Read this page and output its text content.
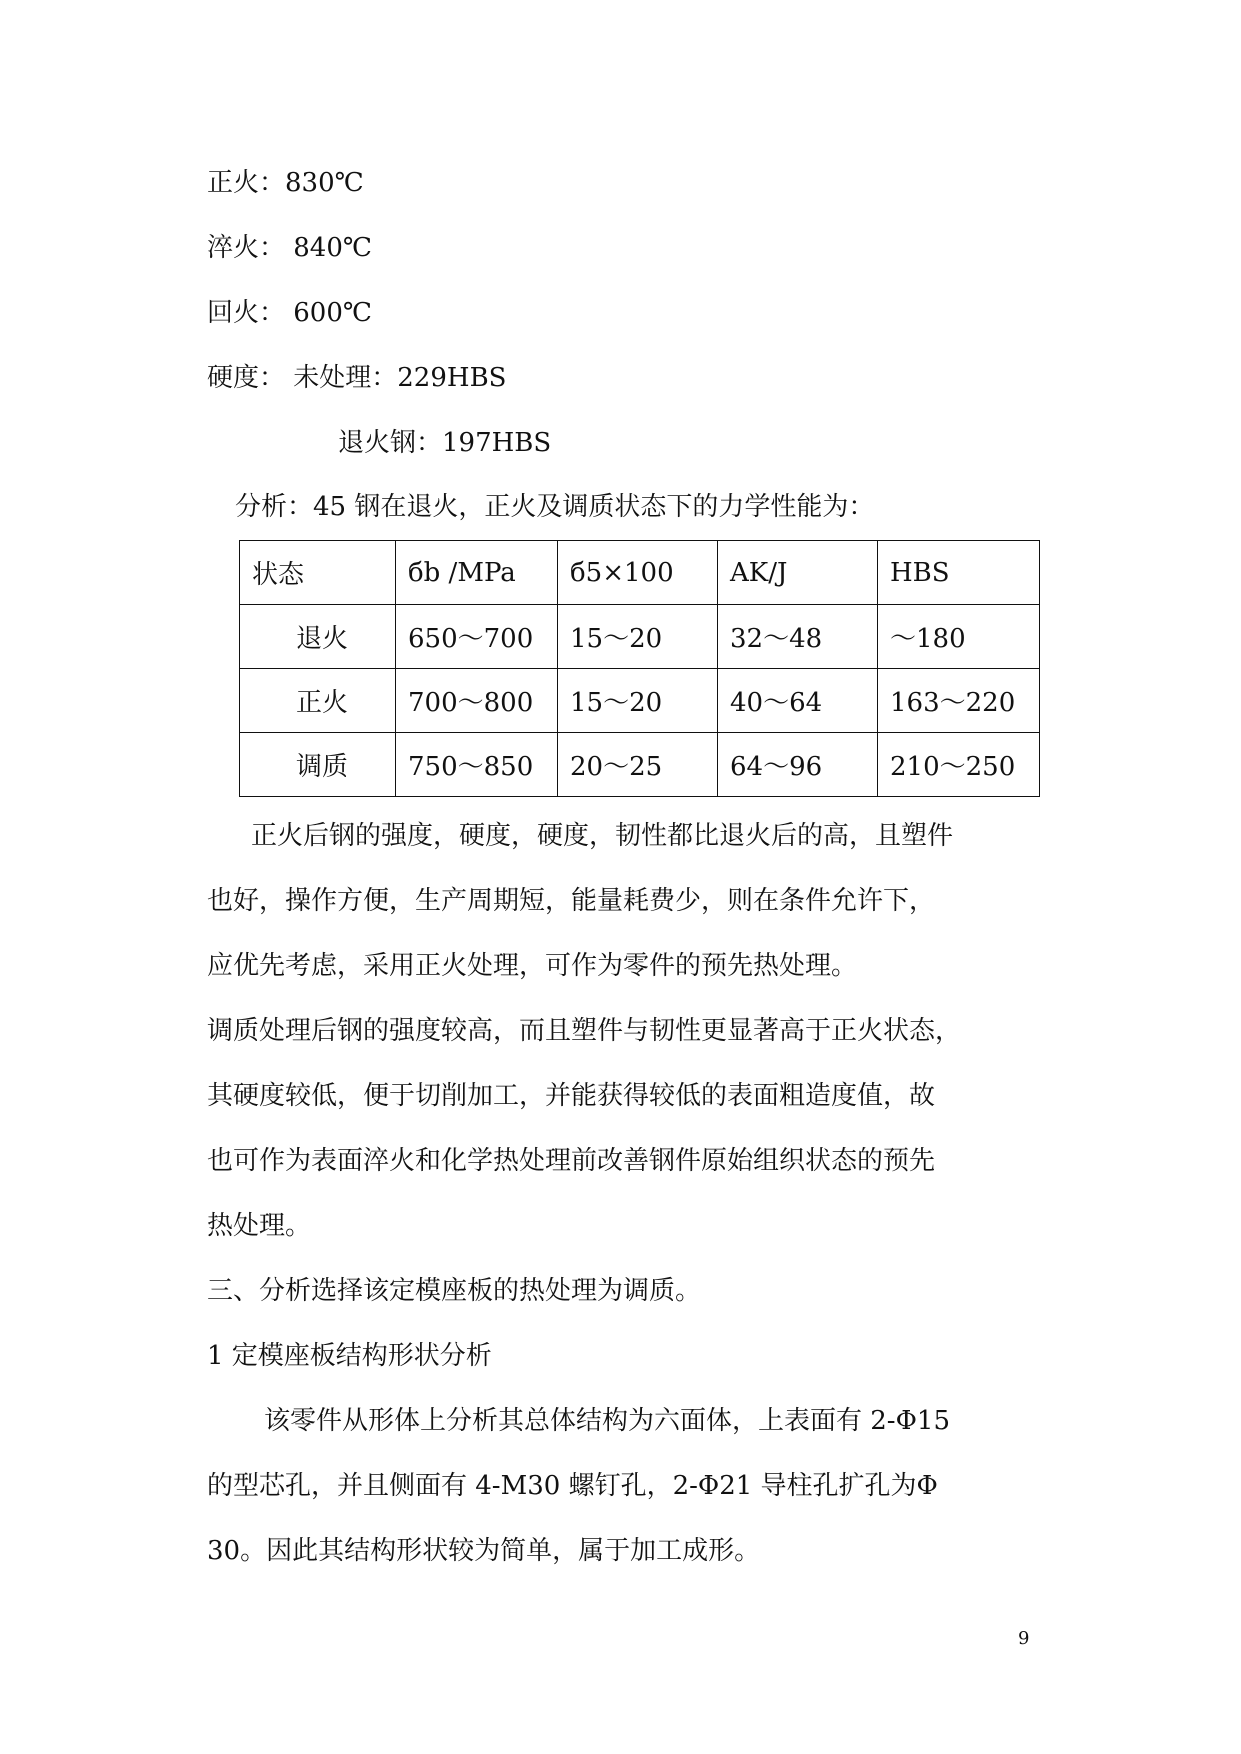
正火：830℃
淬火： 840℃
回火： 600℃
硬度： 未处理：229HBS
退火钢：197HBS
分析：45 钢在退火，正火及调质状态下的力学性能为：
状态	бb /MPa	б5×100	AK/J	HBS
退火	650～700	15～20	32～48	～180
正火	700～800	15～20	40～64	163～220
调质	750～850	20～25	64～96	210～250
正火后钢的强度，硬度，硬度，韧性都比退火后的高，且塑件
也好，操作方便，生产周期短，能量耗费少，则在条件允许下，
应优先考虑，采用正火处理，可作为零件的预先热处理。
调质处理后钢的强度较高，而且塑件与韧性更显著高于正火状态，
其硬度较低，便于切削加工，并能获得较低的表面粗造度值，故
也可作为表面淬火和化学热处理前改善钢件原始组织状态的预先
热处理。
三、分析选择该定模座板的热处理为调质。
1 定模座板结构形状分析
该零件从形体上分析其总体结构为六面体，上表面有 2-Φ15
的型芯孔，并且侧面有 4-M30 螺钉孔，2-Φ21 导柱孔扩孔为Φ
30。因此其结构形状较为简单，属于加工成形。
9
